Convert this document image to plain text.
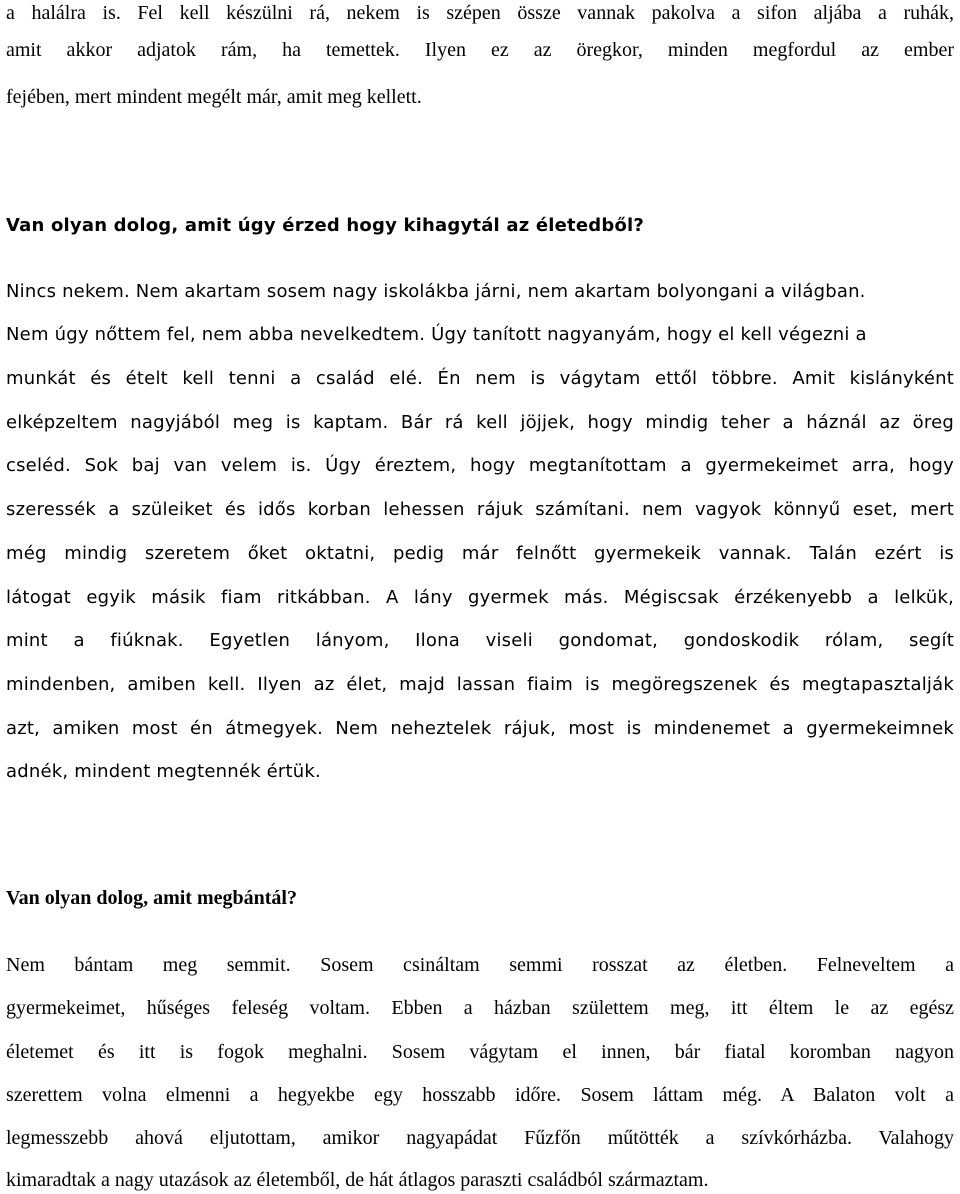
a halálra is. Fel kell készülni rá, nekem is szépen össze vannak pakolva a sifon aljába a ruhák,
amit akkor adjatok rám, ha temettek. Ilyen ez az öregkor, minden megfordul az ember
fejében, mert mindent megélt már, amit meg kellett.
Van olyan dolog, amit úgy érzed hogy kihagytál az életedből?
Nincs nekem. Nem akartam sosem nagy iskolákba járni, nem akartam bolyongani a világban.
Nem úgy nőttem fel, nem abba nevelkedtem. Úgy tanított nagyanyám, hogy el kell végezni a
munkát és ételt kell tenni a család elé. Én nem is vágytam ettől többre. Amit kislányként
elképzeltem nagyjából meg is kaptam. Bár rá kell jöjjek, hogy mindig teher a háznál az öreg
cseléd. Sok baj van velem is. Úgy éreztem, hogy megtanítottam a gyermekeimet arra, hogy
szeressék a szüleiket és idős korban lehessen rájuk számítani. nem vagyok könnyű eset, mert
még mindig szeretem őket oktatni, pedig már felnőtt gyermekeik vannak. Talán ezért is
látogat egyik másik fiam ritkábban. A lány gyermek más. Mégiscsak érzékenyebb a lelkük,
mint a fiúknak. Egyetlen lányom, Ilona viseli gondomat, gondoskodik rólam, segít
mindenben, amiben kell. Ilyen az élet, majd lassan fiaim is megöregszenek és megtapasztalják
azt, amiken most én átmegyek. Nem neheztelek rájuk, most is mindenemet a gyermekeimnek
adnék, mindent megtennék értük.
Van olyan dolog, amit megbántál?
Nem bántam meg semmit. Sosem csináltam semmi rosszat az életben. Felneveltem a
gyermekeimet, hűséges feleség voltam. Ebben a házban születtem meg, itt éltem le az egész
életemet és itt is fogok meghalni. Sosem vágytam el innen, bár fiatal koromban nagyon
szerettem volna elmenni a hegyekbe egy hosszabb időre. Sosem láttam még. A Balaton volt a
legmesszebb ahová eljutottam, amikor nagyapádat Fűzfőn műtötték a szívkórházba. Valahogy
kimaradtak a nagy utazások az életemből, de hát átlagos paraszti családból származtam.
